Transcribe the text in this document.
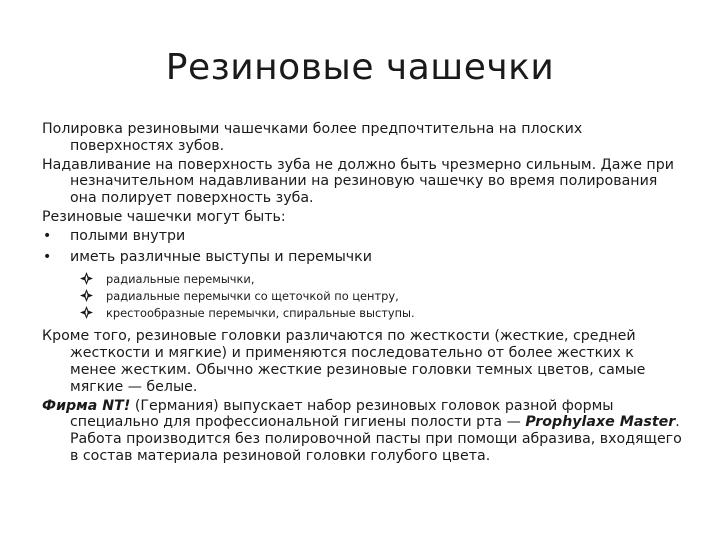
Резиновые чашечки

Полировка резиновыми чашечками более предпочтительна на плоских поверхностях зубов.

Надавливание на поверхность зуба не должно быть чрезмерно сильным. Даже при незначительном надавливании на резиновую чашечку во время полирования она полирует поверхность зуба.

Резиновые чашечки могут быть:

• полыми внутри
• иметь различные выступы и перемычки
радиальные перемычки,
радиальные перемычки со щеточкой по центру,
крестообразные перемычки, спиральные выступы.

Кроме того, резиновые головки различаются по жесткости (жесткие, средней жесткости и мягкие) и применяются последовательно от более жестких к менее жестким. Обычно жесткие резиновые головки темных цветов, самые мягкие — белые.

Фирма NT! (Германия) выпускает набор резиновых головок разной формы специально для профессиональной гигиены полости рта — Prophylaxe Master. Работа производится без полировочной пасты при помощи абразива, входящего в состав материала резиновой головки голубого цвета.
